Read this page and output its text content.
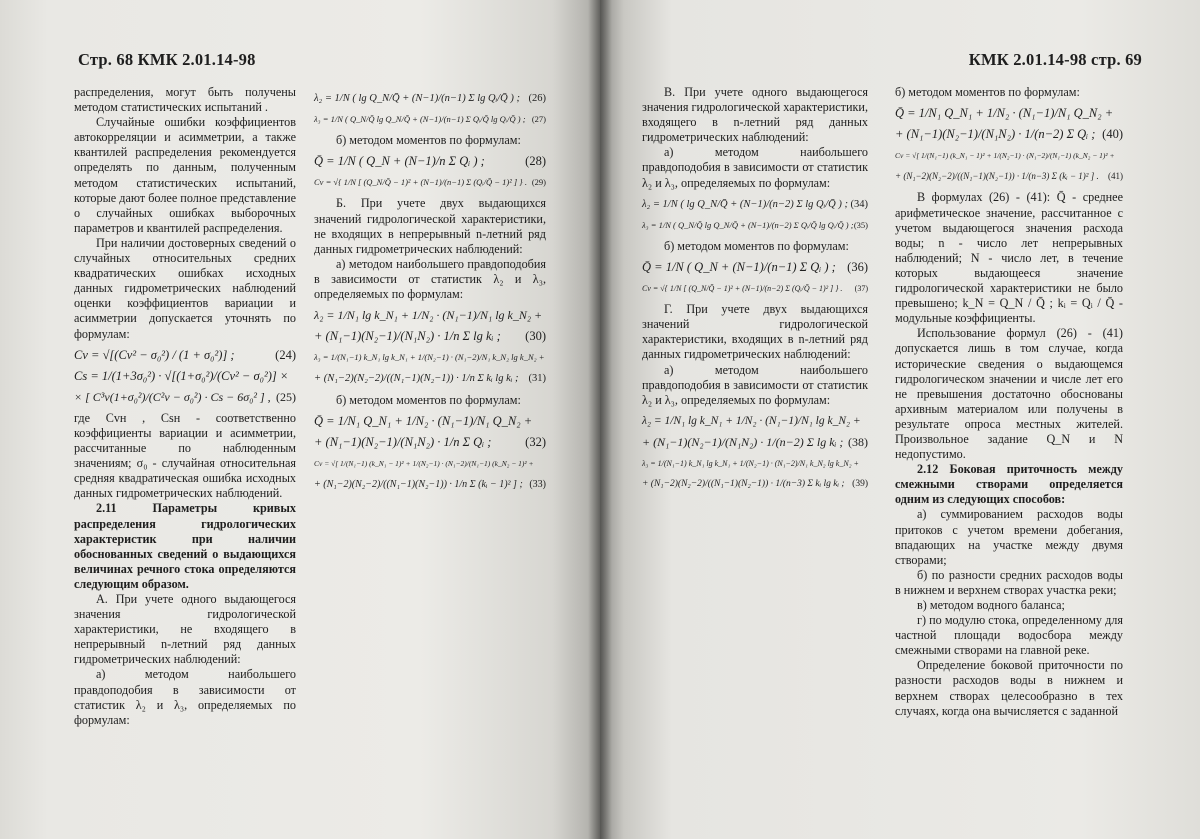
Стр. 68 КМК 2.01.14-98

распределения, могут быть получены методом статистических испытаний .

Случайные ошибки коэффициентов автокорреляции и асимметрии, а также квантилей распределения рекомендуется определять по данным, полученным методом статистических испытаний, которые дают более полное представление о случайных ошибках выборочных параметров и квантилей распределения.

При наличии достоверных сведений о случайных относительных средних квадратических ошибках исходных данных гидрометрических наблюдений оценки коэффициентов вариации и асимметрии допускается уточнять по формулам:

Cv = √[(Cv² − σ₀²) / (1 + σ₀²)] ;	(24)
Cs = 1/(1+3σ₀²) · √[(1+σ₀²)/(Cv² − σ₀²)] ×
× [ C³v(1+σ₀²)/(C²v − σ₀²) · Cs − 6σ₀² ] , (25)

где Cvн , Csн - соответственно коэффициенты вариации и асимметрии, рассчитанные по наблюденным значениям; σ₀ - случайная относительная средняя квадратическая ошибка исходных данных гидрометрических наблюдений.

2.11 Параметры кривых распределения гидрологических характеристик при наличии обоснованных сведений о выдающихся величинах речного стока определяются следующим образом.

А. При учете одного выдающегося значения гидрологической характеристики, не входящего в непрерывный n-летний ряд данных гидрометрических наблюдений:

а) методом наибольшего правдоподобия в зависимости от статистик λ₂ и λ₃, определяемых по формулам:

λ₂ = 1/N ( lg Q_N/Q̄ + (N−1)/(n−1) Σ lg Qᵢ/Q̄ ) ; (26)
λ₃ = 1/N ( Q_N/Q̄ lg Q_N/Q̄ + (N−1)/(n−1) Σ Qᵢ/Q̄ lg Qᵢ/Q̄ ) ; (27)

б) методом моментов по формулам:

Q̄ = 1/N ( Q_N + (N−1)/n Σ Qᵢ ) ;	(28)
Cv = √{ 1/N [ (Q_N/Q̄ − 1)² + (N−1)/(n−1) Σ (Qᵢ/Q̄ − 1)² ] } . (29)

Б. При учете двух выдающихся значений гидрологической характеристики, не входящих в непрерывный n-летний ряд данных гидрометрических наблюдений:

а) методом наибольшего правдоподобия в зависимости от статистик λ₂ и λ₃, определяемых по формулам:

λ₂ = 1/N₁ lg k_N₁ + 1/N₂ · (N₁−1)/N₁ lg k_N₂ +
+ (N₁−1)(N₂−1)/(N₁N₂) · 1/n Σ lg kᵢ ; (30)
λ₃ = 1/(N₁−1) k_N₁ lg k_N₁ + 1/(N₂−1) · (N₁−2)/N₁ k_N₂ lg k_N₂ +
+ (N₁−2)(N₂−2)/((N₁−1)(N₂−1)) · 1/n Σ kᵢ lg kᵢ ; (31)

б) методом моментов по формулам:

Q̄ = 1/N₁ Q_N₁ + 1/N₂ · (N₁−1)/N₁ Q_N₂ +
+ (N₁−1)(N₂−1)/(N₁N₂) · 1/n Σ Qᵢ ;	(32)
Cv = √[ 1/(N₁−1) (k_N₁ − 1)² + 1/(N₂−1) · (N₁−2)/(N₁−1) (k_N₂ − 1)² +
+ (N₁−2)(N₂−2)/((N₁−1)(N₂−1)) · 1/n Σ (kᵢ − 1)² ] ; (33)
КМК 2.01.14-98 стр. 69

В. При учете одного выдающегося значения гидрологической характеристики, входящего в n-летний ряд данных гидрометрических наблюдений:

а) методом наибольшего правдоподобия в зависимости от статистик λ₂ и λ₃, определяемых по формулам:

λ₂ = 1/N ( lg Q_N/Q̄ + (N−1)/(n−2) Σ lg Qᵢ/Q̄ ) ; (34)
λ₃ = 1/N ( Q_N/Q̄ lg Q_N/Q̄ + (N−1)/(n−2) Σ Qᵢ/Q̄ lg Qᵢ/Q̄ ) ; (35)

б) методом моментов по формулам:

Q̄ = 1/N ( Q_N + (N−1)/(n−1) Σ Qᵢ ) ; (36)
Cv = √{ 1/N [ (Q_N/Q̄ − 1)² + (N−1)/(n−2) Σ (Qᵢ/Q̄ − 1)² ] } . (37)

Г. При учете двух выдающихся значений гидрологической характеристики, входящих в n-летний ряд данных гидрометрических наблюдений:

а) методом наибольшего правдоподобия в зависимости от статистик λ₂ и λ₃, определяемых по формулам:

λ₂ = 1/N₁ lg k_N₁ + 1/N₂ · (N₁−1)/N₁ lg k_N₂ +
+ (N₁−1)(N₂−1)/(N₁N₂) · 1/(n−2) Σ lg kᵢ ; (38)
λ₃ = 1/(N₁−1) k_N₁ lg k_N₁ + 1/(N₂−1) · (N₁−2)/N₁ k_N₂ lg k_N₂ +
+ (N₁−2)(N₂−2)/((N₁−1)(N₂−1)) · 1/(n−3) Σ kᵢ lg kᵢ ; (39)

б) методом моментов по формулам:

Q̄ = 1/N₁ Q_N₁ + 1/N₂ · (N₁−1)/N₁ Q_N₂ +
+ (N₁−1)(N₂−1)/(N₁N₂) · 1/(n−2) Σ Qᵢ ; (40)
Cv = √[ 1/(N₁−1) (k_N₁ − 1)² + 1/(N₂−1) · (N₁−2)/(N₁−1) (k_N₂ − 1)² +
+ (N₁−2)(N₂−2)/((N₁−1)(N₂−1)) · 1/(n−3) Σ (kᵢ − 1)² ] . (41)

В формулах (26) - (41): Q̄ - среднее арифметическое значение, рассчитанное с учетом выдающегося значения расхода воды; n - число лет непрерывных наблюдений; N - число лет, в течение которых выдающееся значение гидрологической характеристики не было превышено; k_N = Q_N / Q̄ ; kᵢ = Qᵢ / Q̄ - модульные коэффициенты.

Использование формул (26) - (41) допускается лишь в том случае, когда исторические сведения о выдающемся гидрологическом значении и числе лет его не превышения достаточно обоснованы архивным материалом или получены в результате опроса местных жителей. Произвольное задание Q_N и N недопустимо.

2.12 Боковая приточность между смежными створами определяется одним из следующих способов:

а) суммированием расходов воды притоков с учетом времени добегания, впадающих на участке между двумя створами;

б) по разности средних расходов воды в нижнем и верхнем створах участка реки;

в) методом водного баланса;

г) по модулю стока, определенному для частной площади водосбора между смежными створами на главной реке.

Определение боковой приточности по разности расходов воды в нижнем и верхнем створах целесообразно в тех случаях, когда она вычисляется с заданной
